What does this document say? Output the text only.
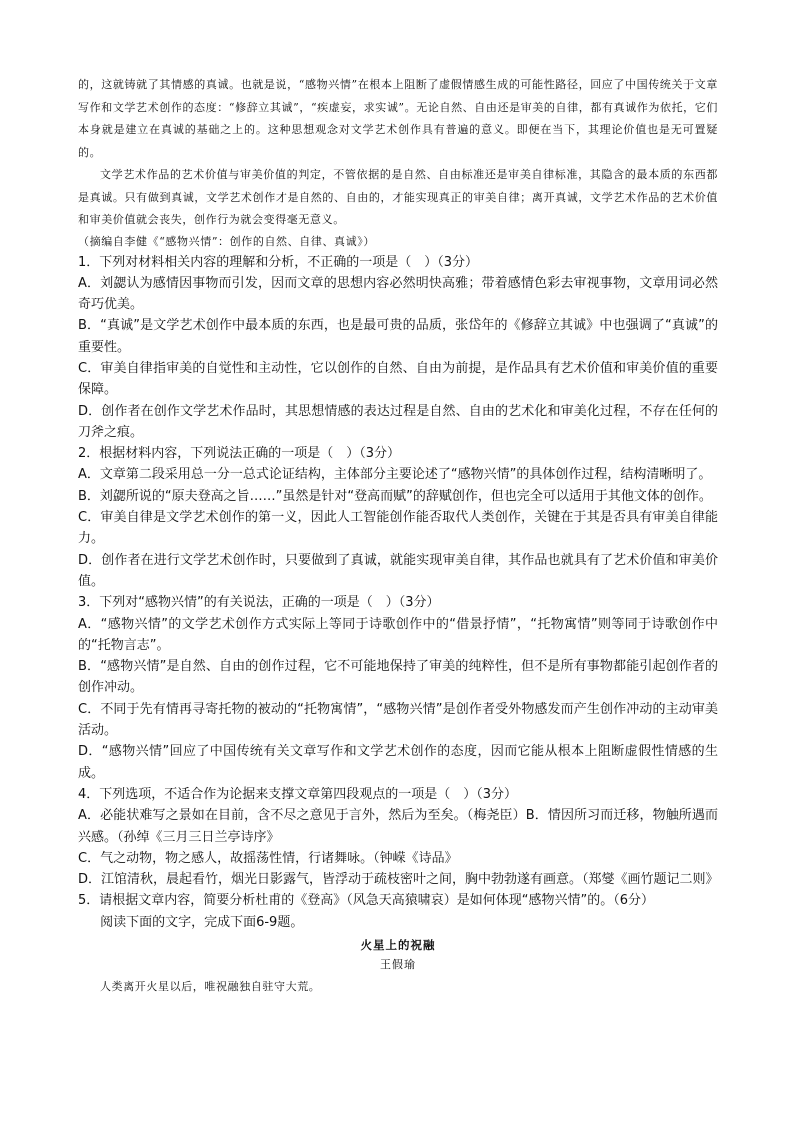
的，这就铸就了其情感的真诚。也就是说，“感物兴情”在根本上阻断了虚假情感生成的可能性路径，回应了中国传统关于文章写作和文学艺术创作的态度：“修辞立其诚”，“疾虚妄，求实诚”。无论自然、自由还是审美的自律，都有真诚作为依托，它们本身就是建立在真诚的基础之上的。这种思想观念对文学艺术创作具有普遍的意义。即便在当下，其理论价值也是无可置疑的。

文学艺术作品的艺术价值与审美价值的判定，不管依据的是自然、自由标准还是审美自律标准，其隐含的最本质的东西都是真诚。只有做到真诚，文学艺术创作才是自然的、自由的，才能实现真正的审美自律；离开真诚，文学艺术作品的艺术价值和审美价值就会丧失，创作行为就会变得毫无意义。

（摘编自李健《“感物兴情”：创作的自然、自律、真诚》）

1．下列对材料相关内容的理解和分析，不正确的一项是（　）（3分）

A．刘勰认为感情因事物而引发，因而文章的思想内容必然明快高雅；带着感情色彩去审视事物，文章用词必然奇巧优美。

B．“真诚”是文学艺术创作中最本质的东西，也是最可贵的品质，张岱年的《修辞立其诚》中也强调了“真诚”的重要性。

C．审美自律指审美的自觉性和主动性，它以创作的自然、自由为前提，是作品具有艺术价值和审美价值的重要保障。

D．创作者在创作文学艺术作品时，其思想情感的表达过程是自然、自由的艺术化和审美化过程，不存在任何的刀斧之痕。

2．根据材料内容，下列说法正确的一项是（　）（3分）

A．文章第二段采用总一分一总式论证结构，主体部分主要论述了“感物兴情”的具体创作过程，结构清晰明了。

B．刘勰所说的“原夫登高之旨……”虽然是针对“登高而赋”的辞赋创作，但也完全可以适用于其他文体的创作。

C．审美自律是文学艺术创作的第一义，因此人工智能创作能否取代人类创作，关键在于其是否具有审美自律能力。

D．创作者在进行文学艺术创作时，只要做到了真诚，就能实现审美自律，其作品也就具有了艺术价值和审美价值。

3．下列对“感物兴情”的有关说法，正确的一项是（　）（3分）

A．“感物兴情”的文学艺术创作方式实际上等同于诗歌创作中的“借景抒情”，“托物寓情”则等同于诗歌创作中的“托物言志”。

B．“感物兴情”是自然、自由的创作过程，它不可能地保持了审美的纯粹性，但不是所有事物都能引起创作者的创作冲动。

C．不同于先有情再寻寄托物的被动的“托物寓情”，“感物兴情”是创作者受外物感发而产生创作冲动的主动审美活动。

D．“感物兴情”回应了中国传统有关文章写作和文学艺术创作的态度，因而它能从根本上阻断虚假性情感的生成。

4．下列选项，不适合作为论据来支撑文章第四段观点的一项是（　）（3分）

A．必能状难写之景如在目前，含不尽之意见于言外，然后为至矣。（梅尧臣）B．情因所习而迁移，物触所遇而兴感。（孙绰《三月三日兰亭诗序》

C．气之动物，物之感人，故摇荡性情，行诸舞咏。（钟嵘《诗品》

D．江馆清秋，晨起看竹，烟光日影露气，皆浮动于疏枝密叶之间，胸中勃勃遂有画意。（郑燮《画竹题记二则》

5．请根据文章内容，简要分析杜甫的《登高》（风急天高猿啸哀）是如何体现“感物兴情”的。（6分）

阅读下面的文字，完成下面6-9题。

火星上的祝融

王假瑜

人类离开火星以后，唯祝融独自驻守大荒。
